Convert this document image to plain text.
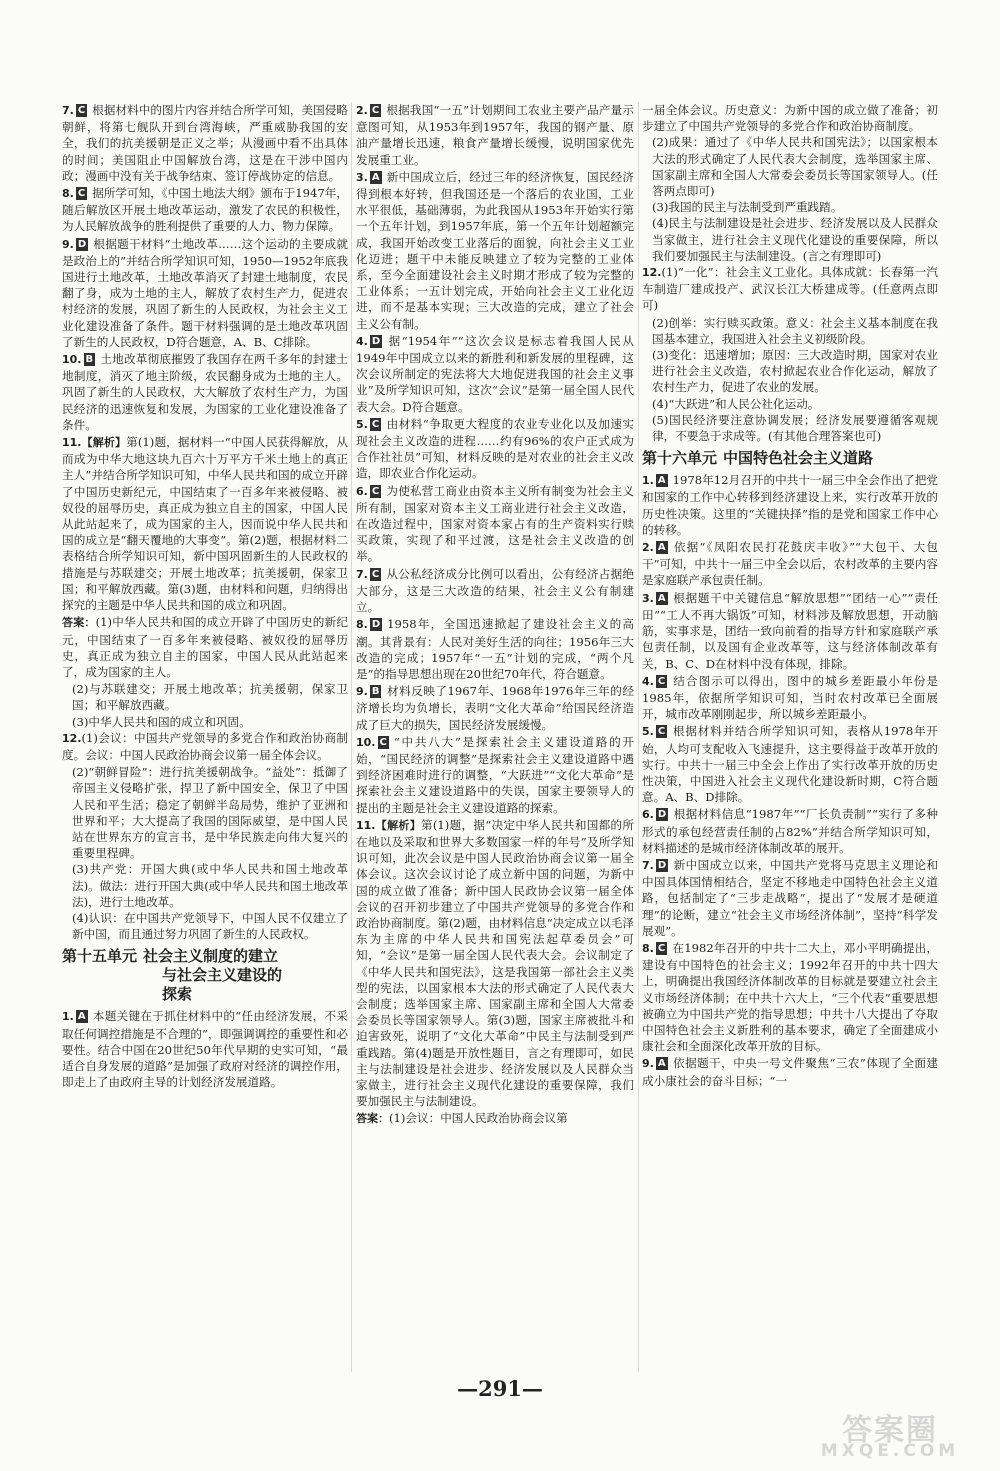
7. C 根据材料中的图片内容并结合所学可知，美国侵略朝鲜，将第七舰队开到台湾海峡，严重威胁我国的安全，我们的抗美援朝是正义之举；从漫画中看不出具体的时间；美国阻止中国解放台湾，这是在干涉中国内政；漫画中没有关于战争结束、签订停战协定的信息。

8. C 据所学可知，《中国土地法大纲》颁布于1947年，随后解放区开展土地改革运动，激发了农民的积极性，为人民解放战争的胜利提供了重要的人力、物力保障。

9. D 根据题干材料“土地改革……这个运动的主要成就是政治上的”并结合所学知识可知，1950—1952年底我国进行土地改革，土地改革消灭了封建土地制度，农民翻了身，成为土地的主人，解放了农村生产力，促进农村经济的发展，巩固了新生的人民政权，为社会主义工业化建设准备了条件。题干材料强调的是土地改革巩固了新生的人民政权，D符合题意，A、B、C排除。

10. B 土地改革彻底摧毁了我国存在两千多年的封建土地制度，消灭了地主阶级，农民翻身成为土地的主人。巩固了新生的人民政权，大大解放了农村生产力，为国民经济的迅速恢复和发展，为国家的工业化建设准备了条件。

11.【解析】第(1)题，据材料一“中国人民获得解放，从而成为中华大地这块九百六十万平方千米土地上的真正主人”并结合所学知识可知，中华人民共和国的成立开辟了中国历史新纪元，中国结束了一百多年来被侵略、被奴役的屈辱历史，真正成为独立自主的国家，中国人民从此站起来了，成为国家的主人，因而说中华人民共和国的成立是“翻天覆地的大事变”。第(2)题，根据材料二表格结合所学知识可知，新中国巩固新生的人民政权的措施是与苏联建交；开展土地改革；抗美援朝，保家卫国；和平解放西藏。第(3)题，由材料和问题，归纳得出探究的主题是中华人民共和国的成立和巩固。

答案：(1)中华人民共和国的成立开辟了中国历史的新纪元，中国结束了一百多年来被侵略、被奴役的屈辱历史，真正成为独立自主的国家，中国人民从此站起来了，成为国家的主人。

(2)与苏联建交；开展土地改革；抗美援朝，保家卫国；和平解放西藏。

(3)中华人民共和国的成立和巩固。

12.(1)会议：中国共产党领导的多党合作和政治协商制度。会议：中国人民政治协商会议第一届全体会议。

(2)“朝鲜冒险”：进行抗美援朝战争。“益处”：抵御了帝国主义侵略扩张，捍卫了新中国安全，保卫了中国人民和平生活；稳定了朝鲜半岛局势，维护了亚洲和世界和平；大大提高了我国的国际威望，是中国人民站在世界东方的宣言书，是中华民族走向伟大复兴的重要里程碑。

(3)共产党：开国大典(或中华人民共和国土地改革法)。做法：进行开国大典(或中华人民共和国土地改革法)，进行土地改革。

(4)认识：在中国共产党领导下，中国人民不仅建立了新中国，而且通过努力巩固了新生的人民政权。

第十五单元 社会主义制度的建立
与社会主义建设的
探索

1. A 本题关键在于抓住材料中的“任由经济发展，不采取任何调控措施是不合理的”，即强调调控的重要性和必要性。结合中国在20世纪50年代早期的史实可知，“最适合自身发展的道路”是加强了政府对经济的调控作用，即走上了由政府主导的计划经济发展道路。

2. C 根据我国“一五”计划期间工农业主要产品产量示意图可知，从1953年到1957年，我国的钢产量、原油产量增长迅速，粮食产量增长缓慢，说明国家优先发展重工业。

3. A 新中国成立后，经过三年的经济恢复，国民经济得到根本好转，但我国还是一个落后的农业国，工业水平很低，基础薄弱，为此我国从1953年开始实行第一个五年计划，到1957年底，第一个五年计划超额完成，我国开始改变工业落后的面貌，向社会主义工业化迈进；题干中未能反映建立了较为完整的工业体系，至今全面建设社会主义时期才形成了较为完整的工业体系；一五计划完成，开始向社会主义工业化迈进，而不是基本实现；三大改造的完成，建立了社会主义公有制。

4. D 据“1954年”“这次会议是标志着我国人民从1949年中国成立以来的新胜利和新发展的里程碑，这次会议所制定的宪法将大大地促进我国的社会主义事业”及所学知识可知，这次“会议”是第一届全国人民代表大会。D符合题意。

5. C 由材料“争取更大程度的农业专业化以及加速实现社会主义改造的进程……约有96%的农户正式成为合作社社员”可知，材料反映的是对农业的社会主义改造，即农业合作化运动。

6. C 为使私营工商业由资本主义所有制变为社会主义所有制，国家对资本主义工商业进行社会主义改造，在改造过程中，国家对资本家占有的生产资料实行赎买政策，实现了和平过渡，这是社会主义改造的创举。

7. C 从公私经济成分比例可以看出，公有经济占据绝大部分，这是三大改造的结果，社会主义公有制建立。

8. D 1958年，全国迅速掀起了建设社会主义的高潮。其背景有：人民对美好生活的向往；1956年三大改造的完成；1957年“一五”计划的完成，“两个凡是”的指导思想出现在20世纪70年代，符合题意。

9. B 材料反映了1967年、1968年1976年三年的经济增长均为负增长，表明“文化大革命”给国民经济造成了巨大的损失，国民经济发展缓慢。

10. C “中共八大”是探索社会主义建设道路的开始，“国民经济的调整”是探索社会主义建设道路中遇到经济困难时进行的调整，“大跃进”“文化大革命”是探索社会主义建设道路中的失误，国家主要领导人的提出的主题是社会主义建设道路的探索。

11.【解析】第(1)题，据“决定中华人民共和国都的所在地以及采取和世界大多数国家一样的年号”及所学知识可知，此次会议是中国人民政治协商会议第一届全体会议。这次会议讨论了成立新中国的问题，为新中国的成立做了准备；新中国人民政协会议第一届全体会议的召开初步建立了中国共产党领导的多党合作和政治协商制度。第(2)题，由材料信息“决定成立以毛泽东为主席的中华人民共和国宪法起草委员会”可知，“会议”是第一届全国人民代表大会。会议制定了《中华人民共和国宪法》，这是我国第一部社会主义类型的宪法，以国家根本大法的形式确定了人民代表大会制度；选举国家主席、国家副主席和全国人大常委会委员长等国家领导人。第(3)题，国家主席被批斗和迫害致死，说明了“文化大革命”中民主与法制受到严重践踏。第(4)题是开放性题目，言之有理即可，如民主与法制建设是社会进步、经济发展以及人民群众当家做主，进行社会主义现代化建设的重要保障，我们要加强民主与法制建设。

答案：(1)会议：中国人民政治协商会议第

一届全体会议。历史意义：为新中国的成立做了准备；初步建立了中国共产党领导的多党合作和政治协商制度。

(2)成果：通过了《中华人民共和国宪法》；以国家根本大法的形式确定了人民代表大会制度，选举国家主席、国家副主席和全国人大常委会委员长等国家领导人。(任答两点即可)

(3)我国的民主与法制受到严重践踏。

(4)民主与法制建设是社会进步、经济发展以及人民群众当家做主，进行社会主义现代化建设的重要保障，所以我们要加强民主与法制建设。(言之有理即可)

12.(1)“一化”：社会主义工业化。具体成就：长春第一汽车制造厂建成投产、武汉长江大桥建成等。(任意两点即可)

(2)创举：实行赎买政策。意义：社会主义基本制度在我国基本建立，我国进入社会主义初级阶段。

(3)变化：迅速增加；原因：三大改造时期，国家对农业进行社会主义改造，农村掀起农业合作化运动，解放了农村生产力，促进了农业的发展。

(4)“大跃进”和人民公社化运动。

(5)国民经济要注意协调发展；经济发展要遵循客观规律，不要急于求成等。(有其他合理答案也可)

第十六单元 中国特色社会主义道路

1. A 1978年12月召开的中共十一届三中全会作出了把党和国家的工作中心转移到经济建设上来，实行改革开放的历史性决策。这里的“关键抉择”指的是党和国家工作中心的转移。

2. A 依据“《凤阳农民打花鼓庆丰收》”“大包干、大包干”可知，中共十一届三中全会以后，农村改革的主要内容是家庭联产承包责任制。

3. A 根据题干中关键信息“解放思想”“团结一心”“责任田”“工人不再大锅饭”可知，材料涉及解放思想，开动脑筋，实事求是，团结一致向前看的指导方针和家庭联产承包责任制，以及国有企业改革等，这与经济体制改革有关，B、C、D在材料中没有体现，排除。

4. C 结合图示可以得出，图中的城乡差距最小年份是1985年，依据所学知识可知，当时农村改革已全面展开，城市改革刚刚起步，所以城乡差距最小。

5. C 根据材料并结合所学知识可知，表格从1978年开始，人均可支配收入飞速提升，这主要得益于改革开放的实行。中共十一届三中全会上作出了实行改革开放的历史性决策，中国进入社会主义现代化建设新时期，C符合题意。A、B、D排除。

6. D 根据材料信息“1987年”“厂长负责制”“实行了多种形式的承包经营责任制的占82%”并结合所学知识可知，材料描述的是城市经济体制改革的展开。

7. D 新中国成立以来，中国共产党将马克思主义理论和中国具体国情相结合，坚定不移地走中国特色社会主义道路，包括制定了“三步走战略”，提出了“发展才是硬道理”的论断，建立“社会主义市场经济体制”，坚持“科学发展观”。

8. C 在1982年召开的中共十二大上，邓小平明确提出，建设有中国特色的社会主义；1992年召开的中共十四大上，明确提出我国经济体制改革的目标就是要建立社会主义市场经济体制；在中共十六大上，“三个代表”重要思想被确立为中国共产党的指导思想；中共十八大提出了夺取中国特色社会主义新胜利的基本要求，确定了全面建成小康社会和全面深化改革开放的目标。

9. A 依据题干，中央一号文件聚焦“三农”体现了全面建成小康社会的奋斗目标；“一

—291—
答案圈
MXQE.COM
